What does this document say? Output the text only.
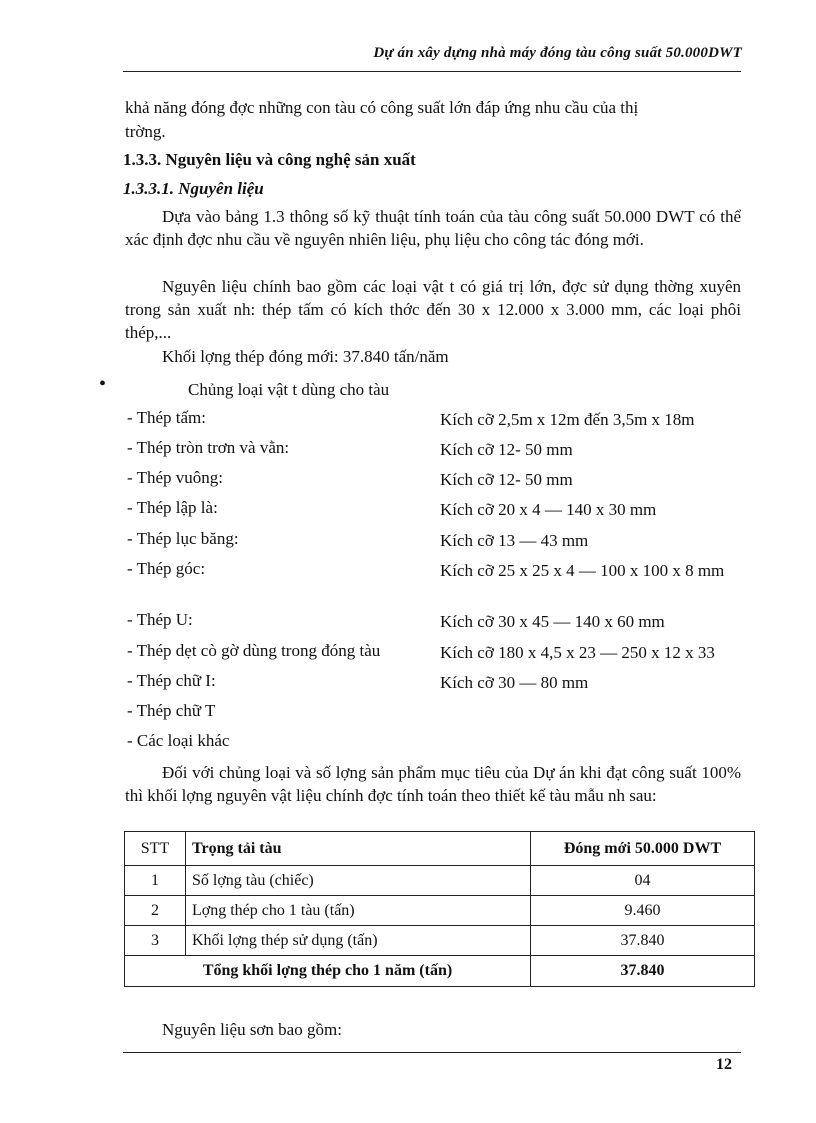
Dự án xây dựng nhà máy đóng tàu công suất 50.000DWT
khả năng đóng đợc những con tàu có công suất lớn đáp ứng nhu cầu của thị
trờng.
1.3.3. Nguyên liệu và công nghệ sản xuất
1.3.3.1. Nguyên liệu
Dựa vào bảng 1.3 thông số kỹ thuật tính toán của tàu công suất 50.000 DWT có thể xác định đợc nhu cầu về nguyên nhiên liệu, phụ liệu cho công tác đóng mới.
Nguyên liệu chính bao gồm các loại vật t có giá trị lớn, đợc sử dụng thờng xuyên trong sản xuất nh: thép tấm có kích thớc đến 30 x 12.000 x 3.000 mm, các loại phôi thép,...
Khối lợng thép đóng mới: 37.840 tấn/năm
•	Chủng loại vật t dùng cho tàu
- Thép tấm:	Kích cỡ 2,5m x 12m đến 3,5m x 18m
- Thép tròn trơn và vằn:	Kích cỡ 12- 50 mm
- Thép vuông:	Kích cỡ 12- 50 mm
- Thép lập là:	Kích cỡ 20 x 4 — 140 x 30 mm
- Thép lục băng:	Kích cỡ 13 — 43 mm
- Thép góc:	Kích cỡ 25 x 25 x 4 — 100 x 100 x 8 mm
- Thép U:	Kích cỡ 30 x 45 — 140 x 60 mm
- Thép dẹt cò gờ dùng trong đóng tàu	Kích cỡ 180 x 4,5 x 23 — 250 x 12 x 33
- Thép chữ I:	Kích cỡ 30 — 80 mm
- Thép chữ T
- Các loại khác
Đối với chủng loại và số lợng sản phẩm mục tiêu của Dự án khi đạt công suất 100% thì khối lợng nguyên vật liệu chính đợc tính toán theo thiết kế tàu mẫu nh sau:
STT	Trọng tải tàu	Đóng mới 50.000 DWT
1	Số lợng tàu (chiếc)	04
2	Lợng thép cho 1 tàu (tấn)	9.460
3	Khối lợng thép sử dụng (tấn)	37.840
Tổng khối lợng thép cho 1 năm (tấn)		37.840
Nguyên liệu sơn bao gồm:
12
